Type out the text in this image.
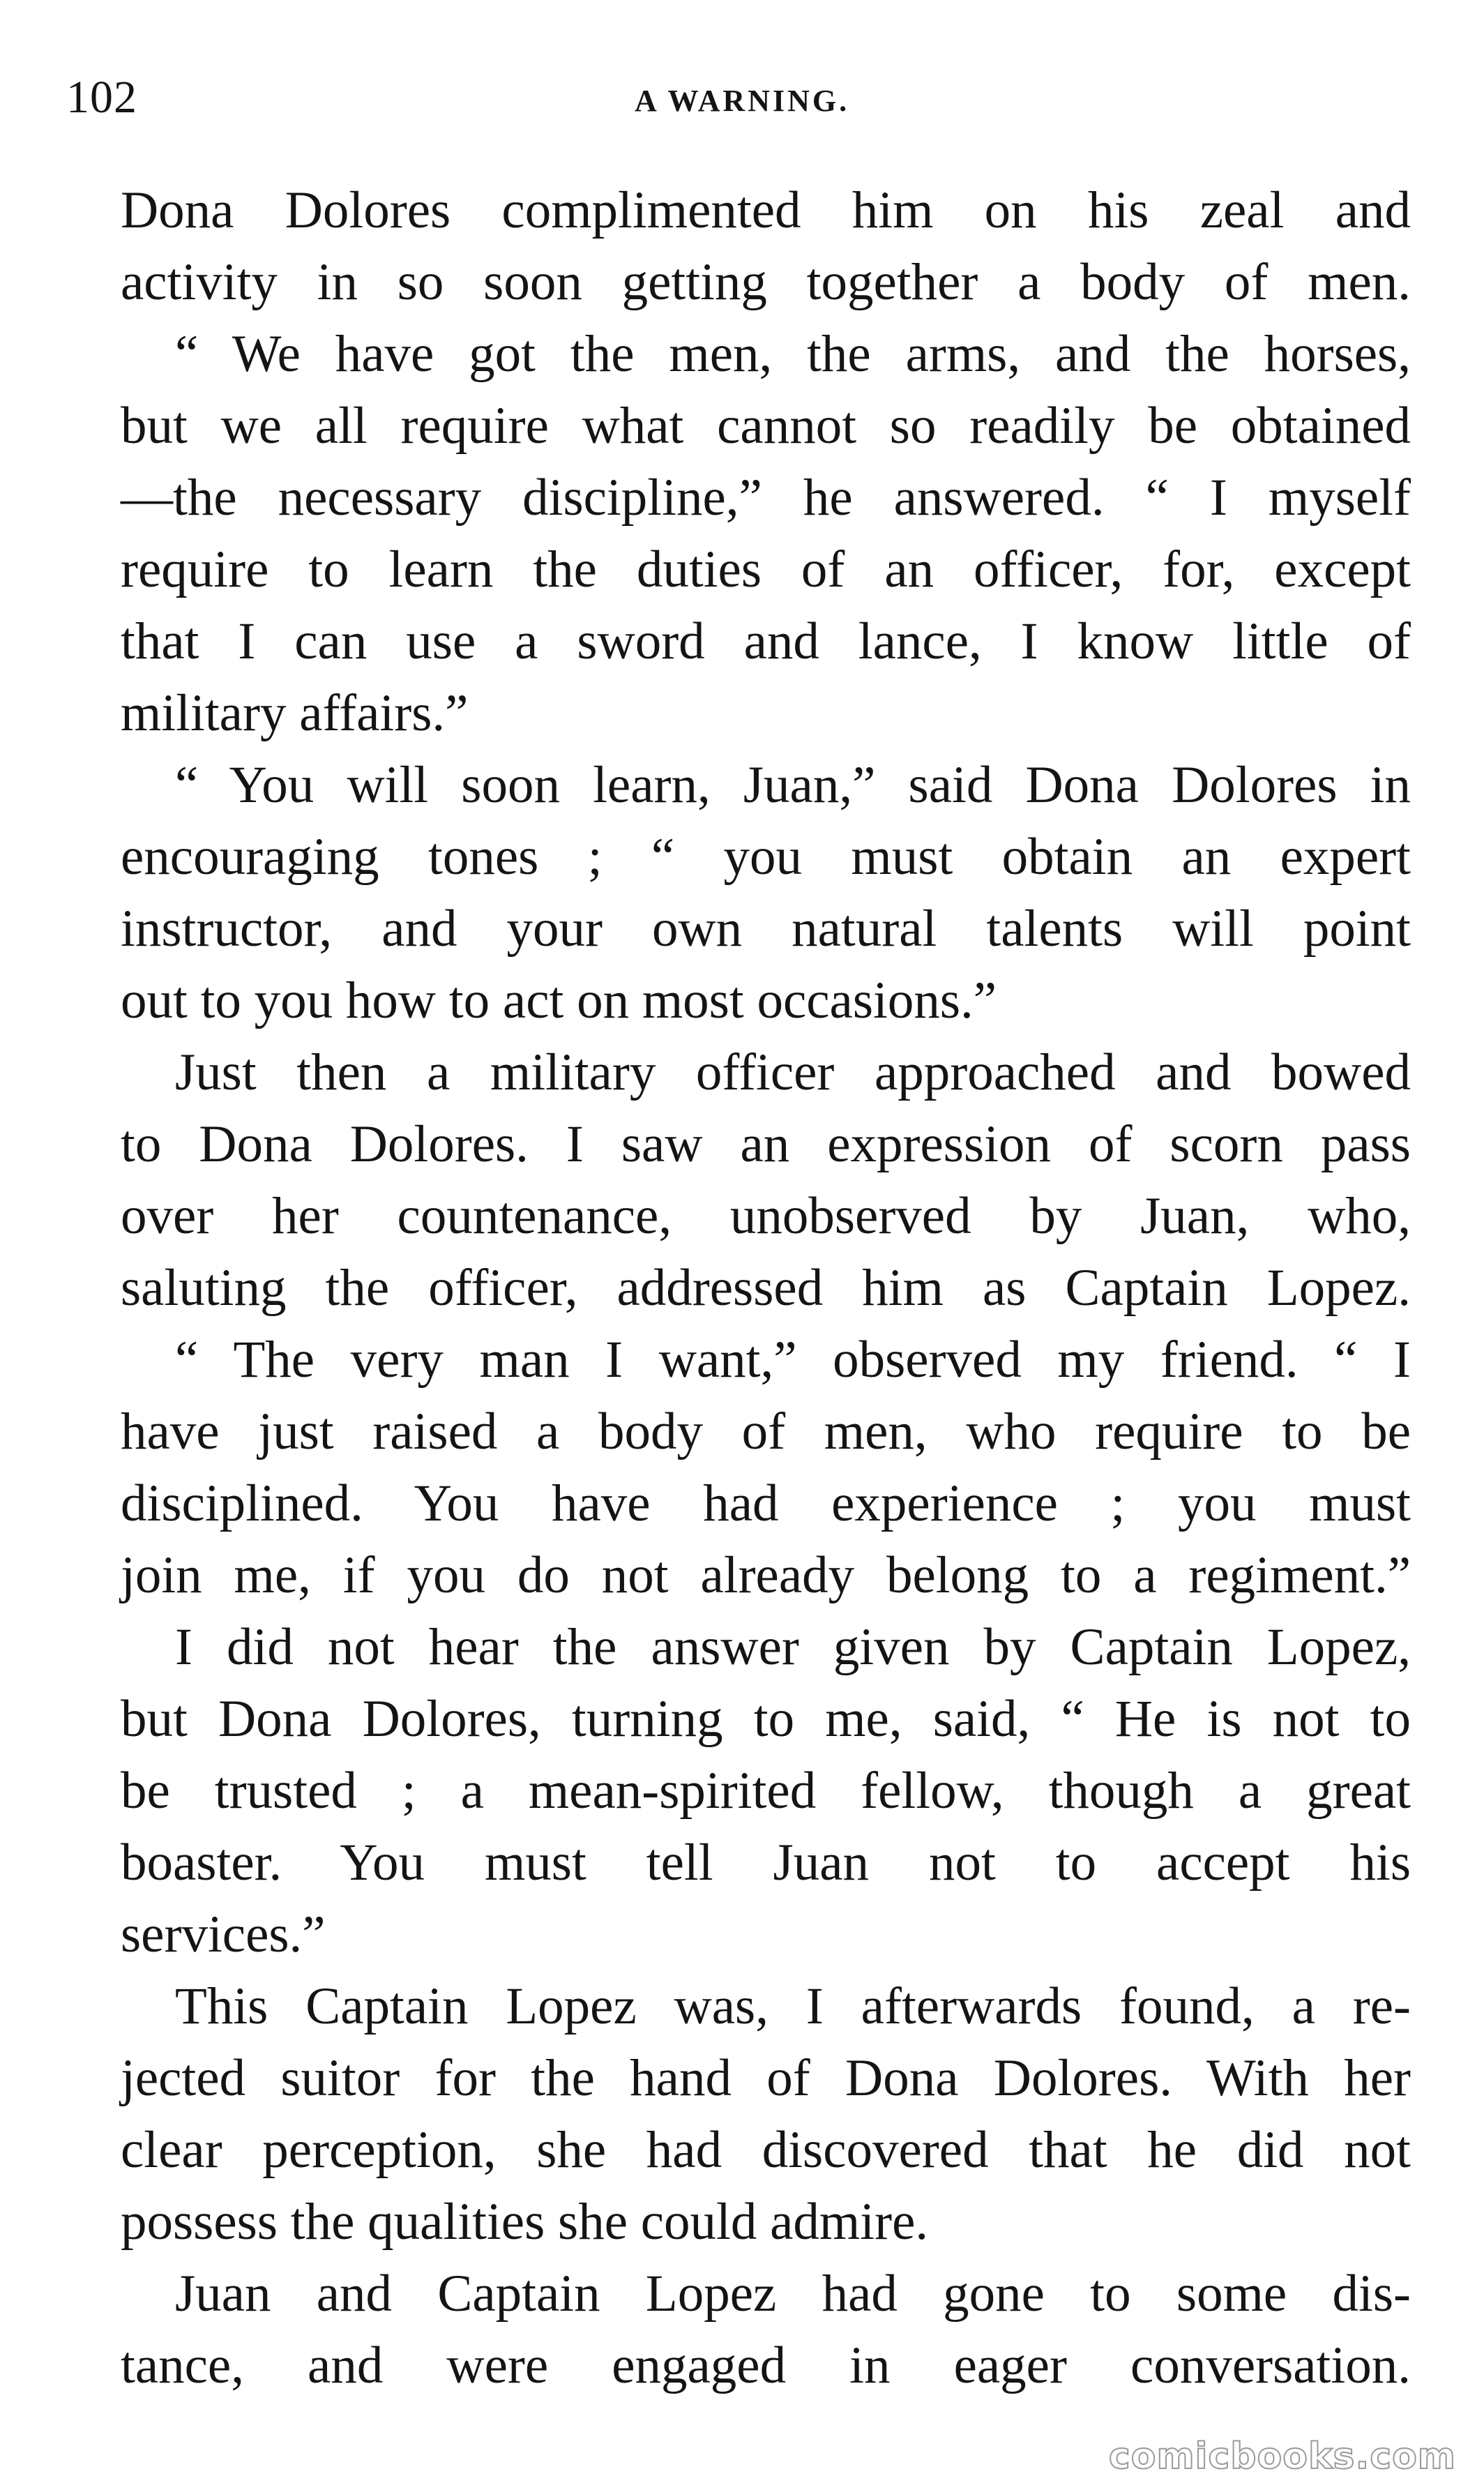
102	A WARNING.

Dona Dolores complimented him on his zeal and
activity in so soon getting together a body of men.

“ We have got the men, the arms, and the horses,
but we all require what cannot so readily be obtained
—the necessary discipline,” he answered. “ I myself
require to learn the duties of an officer, for, except
that I can use a sword and lance, I know little of
military affairs.”

“ You will soon learn, Juan,” said Dona Dolores in
encouraging tones ; “ you must obtain an expert
instructor, and your own natural talents will point
out to you how to act on most occasions.”

Just then a military officer approached and bowed
to Dona Dolores. I saw an expression of scorn pass
over her countenance, unobserved by Juan, who,
saluting the officer, addressed him as Captain Lopez.

“ The very man I want,” observed my friend. “ I
have just raised a body of men, who require to be
disciplined. You have had experience ; you must
join me, if you do not already belong to a regiment.”

I did not hear the answer given by Captain Lopez,
but Dona Dolores, turning to me, said, “ He is not to
be trusted ; a mean-spirited fellow, though a great
boaster. You must tell Juan not to accept his
services.”

This Captain Lopez was, I afterwards found, a re-
jected suitor for the hand of Dona Dolores. With her
clear perception, she had discovered that he did not
possess the qualities she could admire.

Juan and Captain Lopez had gone to some dis-
tance, and were engaged in eager conversation.

comicbooks.com
